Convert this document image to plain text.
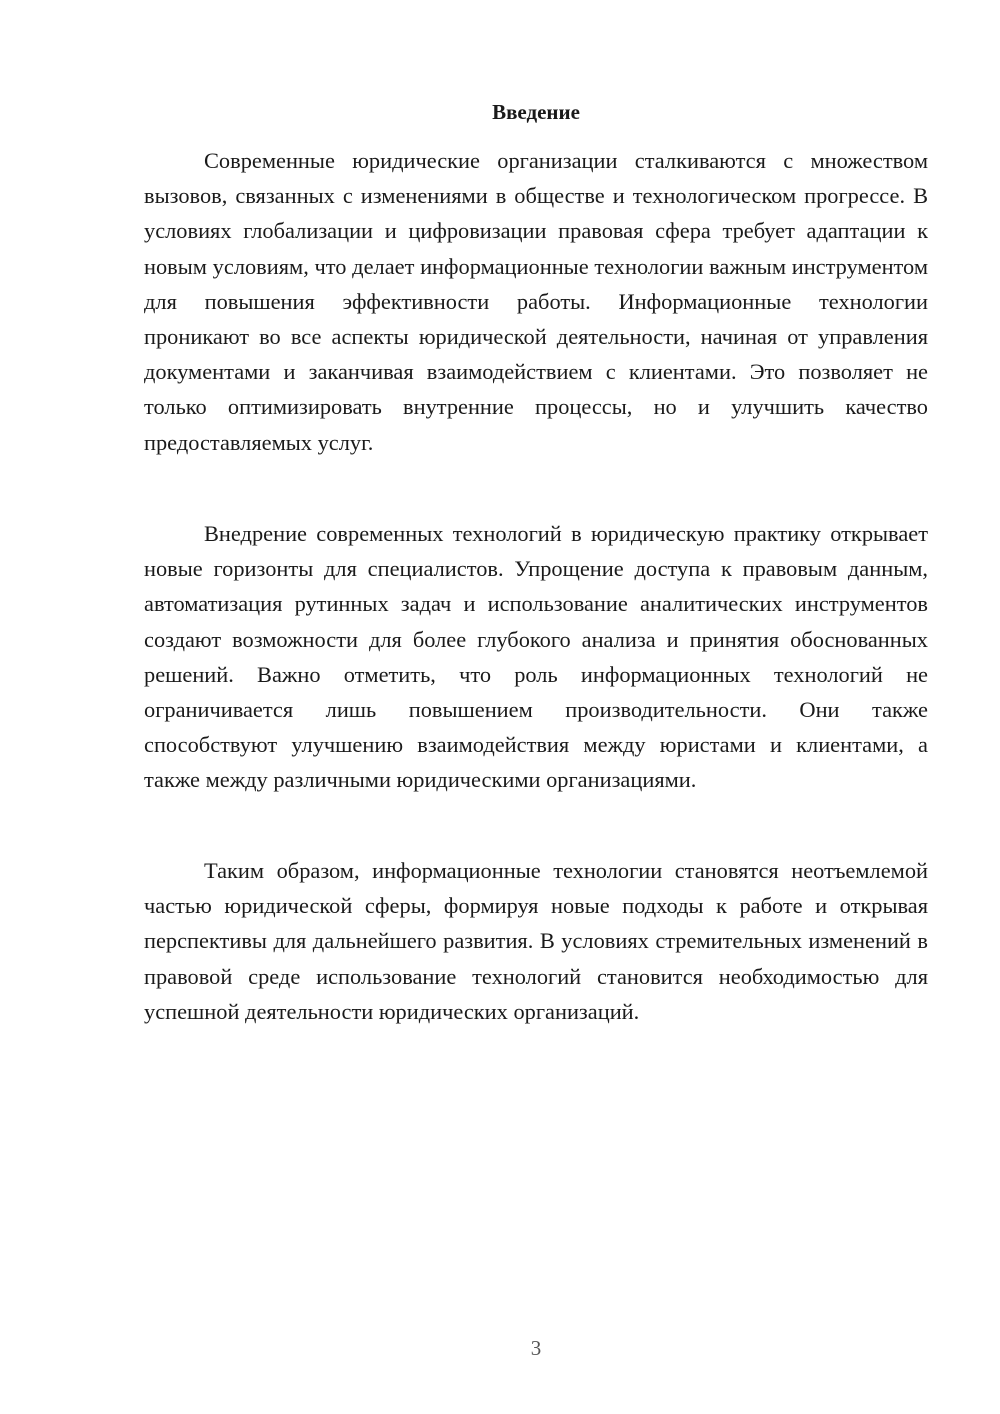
Введение

Современные юридические организации сталкиваются с множеством вызовов, связанных с изменениями в обществе и технологическом прогрессе. В условиях глобализации и цифровизации правовая сфера требует адаптации к новым условиям, что делает информационные технологии важным инструментом для повышения эффективности работы. Информационные технологии проникают во все аспекты юридической деятельности, начиная от управления документами и заканчивая взаимодействием с клиентами. Это позволяет не только оптимизировать внутренние процессы, но и улучшить качество предоставляемых услуг.

Внедрение современных технологий в юридическую практику открывает новые горизонты для специалистов. Упрощение доступа к правовым данным, автоматизация рутинных задач и использование аналитических инструментов создают возможности для более глубокого анализа и принятия обоснованных решений. Важно отметить, что роль информационных технологий не ограничивается лишь повышением производительности. Они также способствуют улучшению взаимодействия между юристами и клиентами, а также между различными юридическими организациями.

Таким образом, информационные технологии становятся неотъемлемой частью юридической сферы, формируя новые подходы к работе и открывая перспективы для дальнейшего развития. В условиях стремительных изменений в правовой среде использование технологий становится необходимостью для успешной деятельности юридических организаций.

3
